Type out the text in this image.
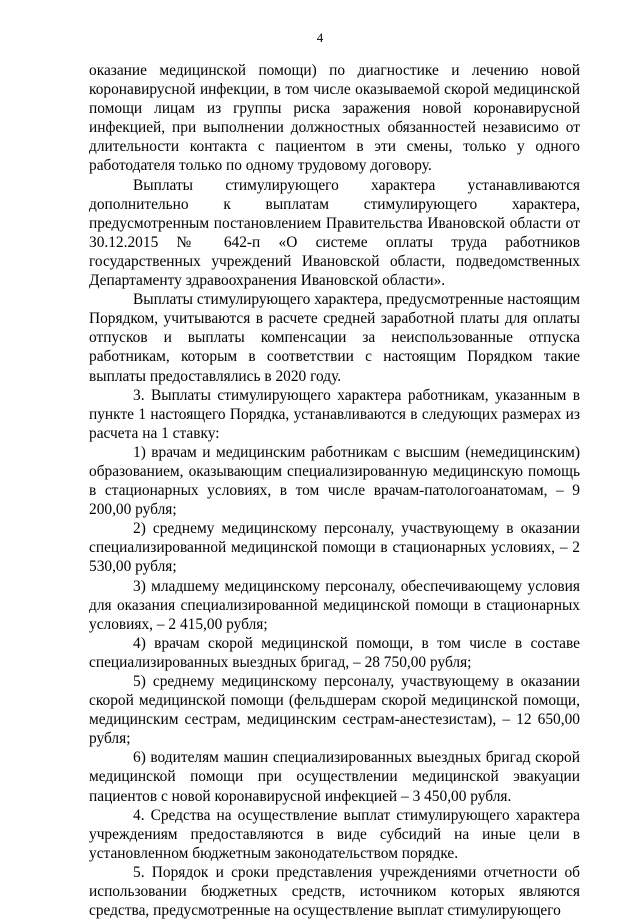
4

оказание медицинской помощи) по диагностике и лечению новой коронавирусной инфекции, в том числе оказываемой скорой медицинской помощи лицам из группы риска заражения новой коронавирусной инфекцией, при выполнении должностных обязанностей независимо от длительности контакта с пациентом в эти смены, только у одного работодателя только по одному трудовому договору.

Выплаты стимулирующего характера устанавливаются дополнительно к выплатам стимулирующего характера, предусмотренным постановлением Правительства Ивановской области от 30.12.2015 № 642-п «О системе оплаты труда работников государственных учреждений Ивановской области, подведомственных Департаменту здравоохранения Ивановской области».

Выплаты стимулирующего характера, предусмотренные настоящим Порядком, учитываются в расчете средней заработной платы для оплаты отпусков и выплаты компенсации за неиспользованные отпуска работникам, которым в соответствии с настоящим Порядком такие выплаты предоставлялись в 2020 году.

3. Выплаты стимулирующего характера работникам, указанным в пункте 1 настоящего Порядка, устанавливаются в следующих размерах из расчета на 1 ставку:

1) врачам и медицинским работникам с высшим (немедицинским) образованием, оказывающим специализированную медицинскую помощь в стационарных условиях, в том числе врачам-патологоанатомам, – 9 200,00 рубля;

2) среднему медицинскому персоналу, участвующему в оказании специализированной медицинской помощи в стационарных условиях, – 2 530,00 рубля;

3) младшему медицинскому персоналу, обеспечивающему условия для оказания специализированной медицинской помощи в стационарных условиях, – 2 415,00 рубля;

4) врачам скорой медицинской помощи, в том числе в составе специализированных выездных бригад, – 28 750,00 рубля;

5) среднему медицинскому персоналу, участвующему в оказании скорой медицинской помощи (фельдшерам скорой медицинской помощи, медицинским сестрам, медицинским сестрам-анестезистам), – 12 650,00 рубля;

6) водителям машин специализированных выездных бригад скорой медицинской помощи при осуществлении медицинской эвакуации пациентов с новой коронавирусной инфекцией – 3 450,00 рубля.

4. Средства на осуществление выплат стимулирующего характера учреждениям предоставляются в виде субсидий на иные цели в установленном бюджетным законодательством порядке.

5. Порядок и сроки представления учреждениями отчетности об использовании бюджетных средств, источником которых являются средства, предусмотренные на осуществление выплат стимулирующего
